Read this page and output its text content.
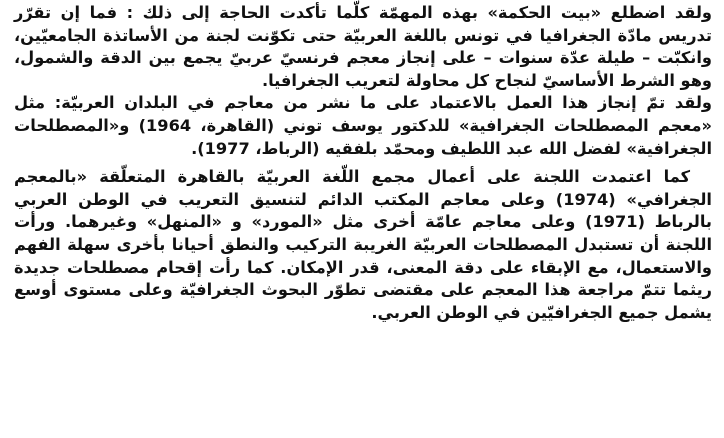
ولقد اضطلع «بيت الحكمة» بهذه المهمّة كلّما تأكدت الحاجة إلى ذلك : فما إن تقرّر تدريس مادّة الجغرافيا في تونس باللغة العربيّة حتى تكوّنت لجنة من الأساتذة الجامعيّين، وانكبّت – طيلة عدّة سنوات – على إنجاز معجم فرنسيّ عربيّ يجمع بين الدقة والشمول، وهو الشرط الأساسيّ لنجاح كل محاولة لتعريب الجغرافيا.

ولقد تمّ إنجاز هذا العمل بالاعتماد على ما نشر من معاجم في البلدان العربيّة: مثل «معجم المصطلحات الجغرافية» للدكتور يوسف توني (القاهرة، 1964) و«المصطلحات الجغرافية» لفضل الله عبد اللطيف ومحمّد بلفقيه (الرباط، 1977).

كما اعتمدت اللجنة على أعمال مجمع اللّغة العربيّة بالقاهرة المتعلّقة «بالمعجم الجغرافي» (1974) وعلى معاجم المكتب الدائم لتنسيق التعريب في الوطن العربي بالرباط (1971) وعلى معاجم عامّة أخرى مثل «المورد» و «المنهل» وغيرهما. ورأت اللجنة أن تستبدل المصطلحات العربيّة الغريبة التركيب والنطق أحيانا بأخرى سهلة الفهم والاستعمال، مع الإبقاء على دقة المعنى، قدر الإمكان. كما رأت إقحام مصطلحات جديدة ريثما تتمّ مراجعة هذا المعجم على مقتضى تطوّر البحوث الجغرافيّة وعلى مستوى أوسع يشمل جميع الجغرافيّين في الوطن العربي.
